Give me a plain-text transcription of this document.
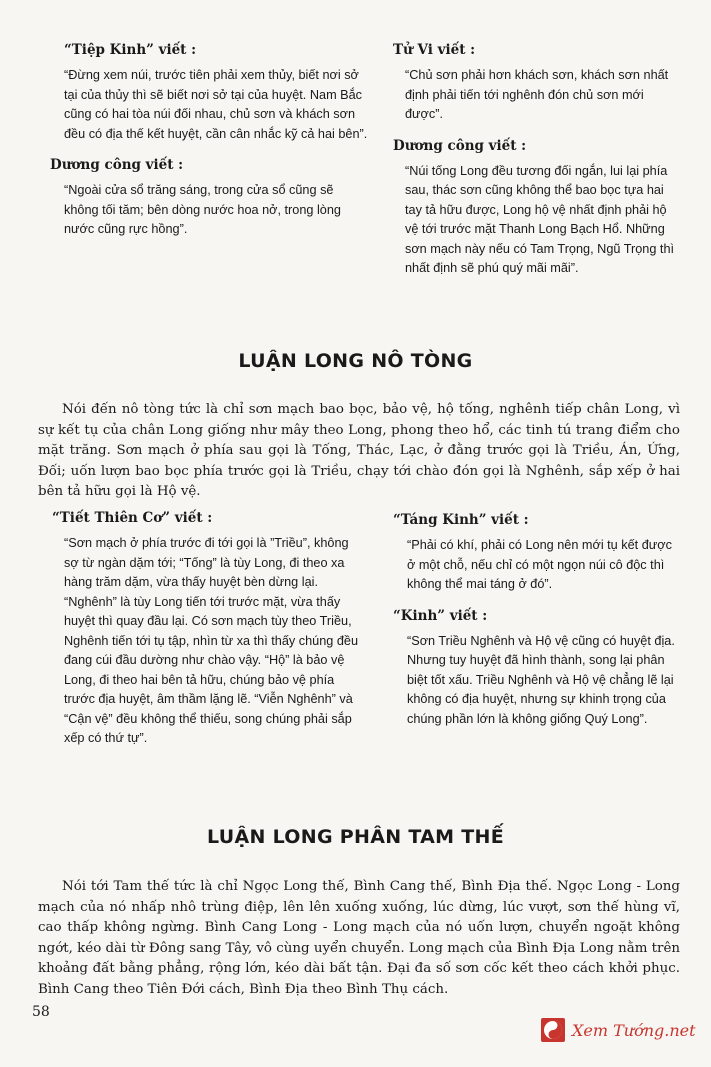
“Tiệp Kinh” viết :

“Đừng xem núi, trước tiên phải xem thủy, biết nơi sở tại của thủy thì sẽ biết nơi sở tại của huyệt. Nam Bắc cũng có hai tòa núi đối nhau, chủ sơn và khách sơn đều có địa thế kết huyệt, cần cân nhắc kỹ cả hai bên”.

Dương công viết :

“Ngoài cửa sổ trăng sáng, trong cửa sổ cũng sẽ không tối tăm; bên dòng nước hoa nở, trong lòng nước cũng rực hồng”.

Tử Vi viết :

“Chủ sơn phải hơn khách sơn, khách sơn nhất định phải tiến tới nghênh đón chủ sơn mới được”.

Dương công viết :

“Núi tống Long đều tương đối ngắn, lui lại phía sau, thác sơn cũng không thể bao bọc tựa hai tay tả hữu được, Long hộ vệ nhất định phải hộ vệ tới trước mặt Thanh Long Bạch Hổ. Những sơn mạch này nếu có Tam Trọng, Ngũ Trọng thì nhất định sẽ phú quý mãi mãi”.

LUẬN LONG NÔ TÒNG

Nói đến nô tòng tức là chỉ sơn mạch bao bọc, bảo vệ, hộ tống, nghênh tiếp chân Long, vì sự kết tụ của chân Long giống như mây theo Long, phong theo hổ, các tinh tú trang điểm cho mặt trăng. Sơn mạch ở phía sau gọi là Tống, Thác, Lạc, ở đằng trước gọi là Triều, Án, Ứng, Đối; uốn lượn bao bọc phía trước gọi là Triều, chạy tới chào đón gọi là Nghênh, sắp xếp ở hai bên tả hữu gọi là Hộ vệ.

“Tiết Thiên Cơ” viết :

“Sơn mạch ở phía trước đi tới gọi là ”Triều”, không sợ từ ngàn dặm tới; “Tống” là tùy Long, đi theo xa hàng trăm dặm, vừa thấy huyệt bèn dừng lại. “Nghênh” là tùy Long tiến tới trước mặt, vừa thấy huyệt thì quay đầu lại. Có sơn mạch tùy theo Triều, Nghênh tiến tới tụ tập, nhìn từ xa thì thấy chúng đều đang cúi đầu dường như chào vậy. “Hộ” là bảo vệ Long, đi theo hai bên tả hữu, chúng bảo vệ phía trước địa huyệt, âm thầm lặng lẽ. “Viễn Nghênh” và “Cận vệ” đều không thể thiếu, song chúng phải sắp xếp có thứ tự”.

“Táng Kinh” viết :

“Phải có khí, phải có Long nên mới tụ kết được ở một chỗ, nếu chỉ có một ngọn núi cô độc thì không thể mai táng ở đó”.

“Kinh” viết :

“Sơn Triều Nghênh và Hộ vệ cũng có huyệt địa. Nhưng tuy huyệt đã hình thành, song lại phân biệt tốt xấu. Triều Nghênh và Hộ vệ chẳng lẽ lại không có địa huyệt, nhưng sự khinh trọng của chúng phần lớn là không giống Quý Long”.

LUẬN LONG PHÂN TAM THẾ

Nói tới Tam thế tức là chỉ Ngọc Long thế, Bình Cang thế, Bình Địa thế. Ngọc Long - Long mạch của nó nhấp nhô trùng điệp, lên lên xuống xuống, lúc dừng, lúc vượt, sơn thế hùng vĩ, cao thấp không ngừng. Bình Cang Long - Long mạch của nó uốn lượn, chuyển ngoặt không ngớt, kéo dài từ Đông sang Tây, vô cùng uyển chuyển. Long mạch của Bình Địa Long nằm trên khoảng đất bằng phẳng, rộng lớn, kéo dài bất tận. Đại đa số sơn cốc kết theo cách khởi phục. Bình Cang theo Tiên Đới cách, Bình Địa theo Bình Thụ cách.

58

Xem Tướng.net
